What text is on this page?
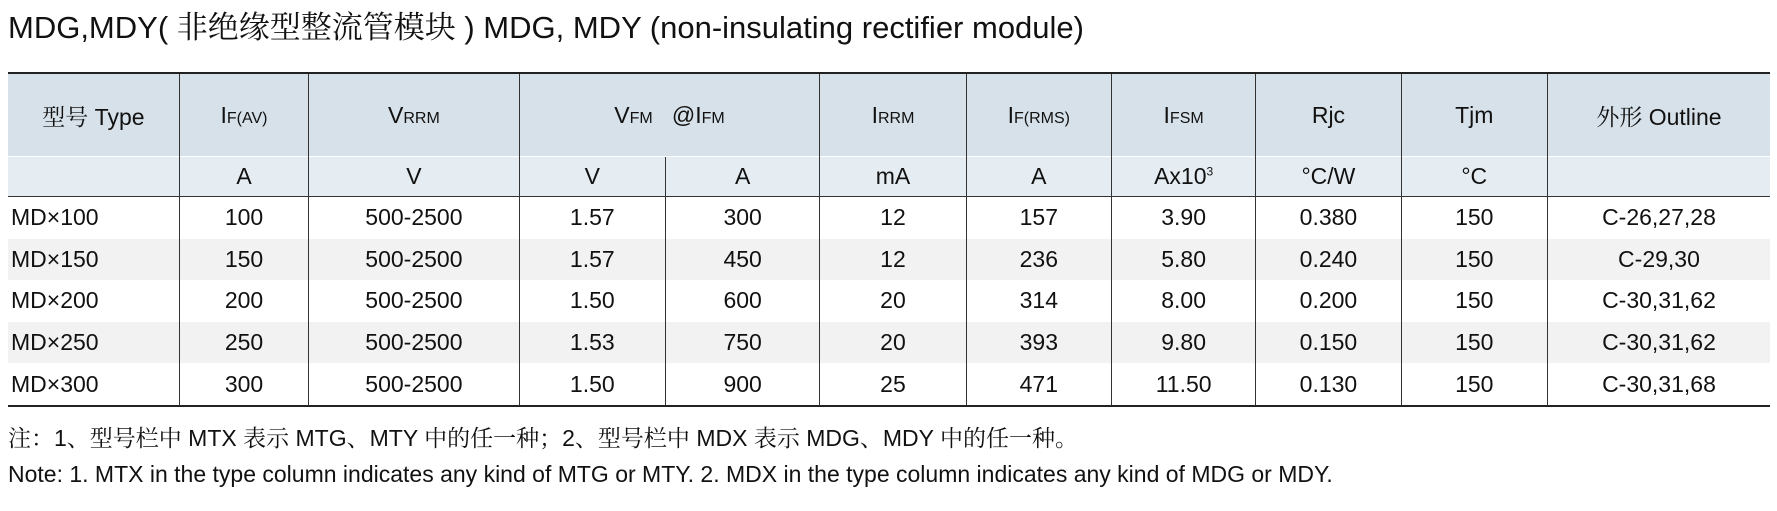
MDG,MDY( 非绝缘型整流管模块 ) MDG, MDY (non-insulating rectifier module)
型号 Type	IF(AV)	VRRM	VFM @IFM		IRRM	IF(RMS)	IFSM	Rjc	Tjm	外形 Outline
	A	V	V	A	mA	A	$Ax10^3$	°C/W	°C	
MD×100	100	500-2500	1.57	300	12	157	3.90	0.380	150	C-26,27,28
MD×150	150	500-2500	1.57	450	12	236	5.80	0.240	150	C-29,30
MD×200	200	500-2500	1.50	600	20	314	8.00	0.200	150	C-30,31,62
MD×250	250	500-2500	1.53	750	20	393	9.80	0.150	150	C-30,31,62
MD×300	300	500-2500	1.50	900	25	471	11.50	0.130	150	C-30,31,68
注：1、型号栏中 MTX 表示 MTG、MTY 中的任一种；2、型号栏中 MDX 表示 MDG、MDY 中的任一种。
Note: 1. MTX in the type column indicates any kind of MTG or MTY. 2. MDX in the type column indicates any kind of MDG or MDY.
